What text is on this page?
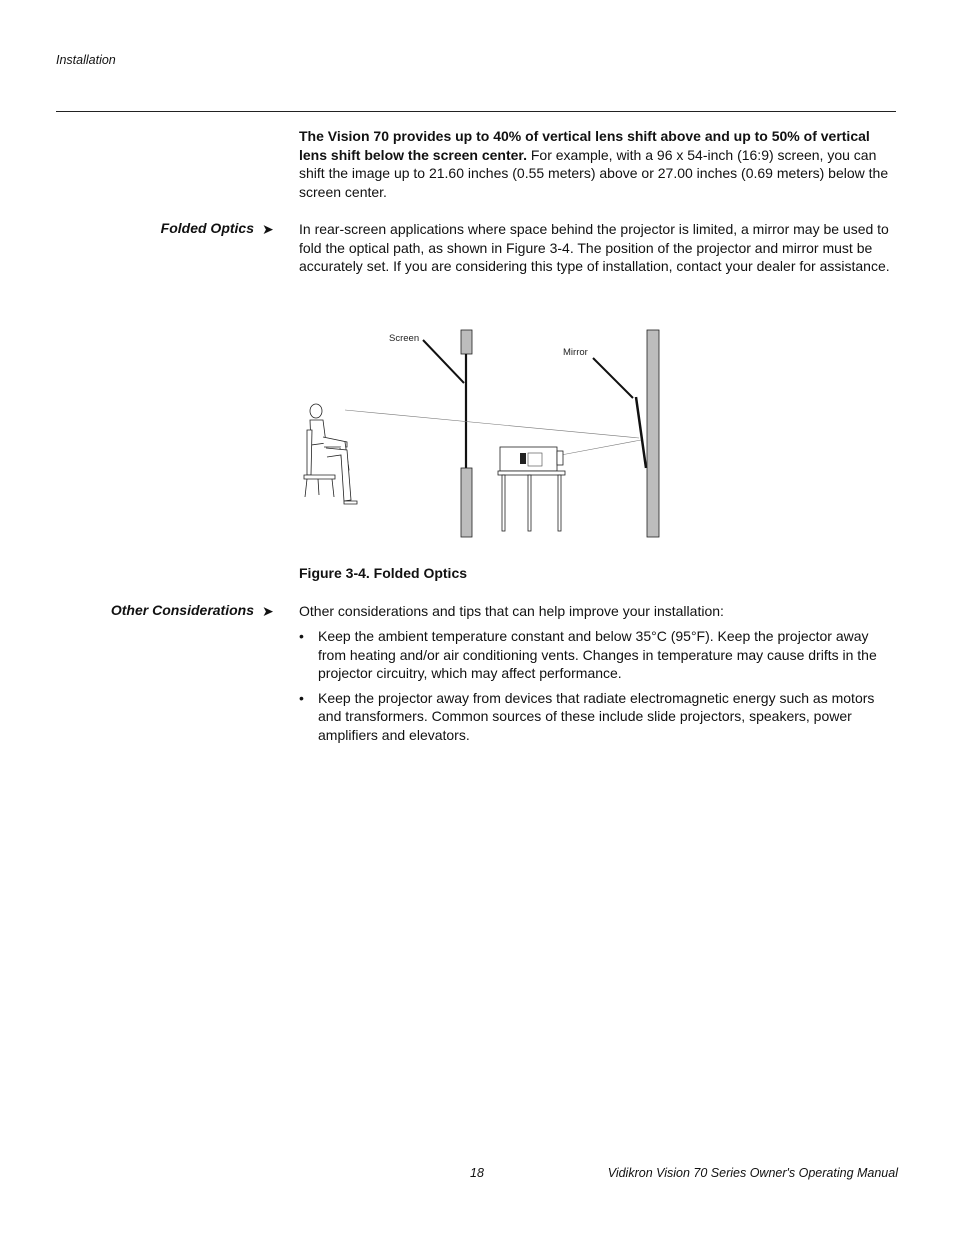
Installation

The Vision 70 provides up to 40% of vertical lens shift above and up to 50% of vertical lens shift below the screen center. For example, with a 96 x 54-inch (16:9) screen, you can shift the image up to 21.60 inches (0.55 meters) above or 27.00 inches (0.69 meters) below the screen center.

Folded Optics ➤ In rear-screen applications where space behind the projector is limited, a mirror may be used to fold the optical path, as shown in Figure 3-4. The position of the projector and mirror must be accurately set. If you are considering this type of installation, contact your dealer for assistance.

Screen
Mirror
Figure 3-4. Folded Optics
Other Considerations ➤ Other considerations and tips that can help improve your installation:

• Keep the ambient temperature constant and below 35°C (95°F). Keep the projector away from heating and/or air conditioning vents. Changes in temperature may cause drifts in the projector circuitry, which may affect performance.
• Keep the projector away from devices that radiate electromagnetic energy such as motors and transformers. Common sources of these include slide projectors, speakers, power amplifiers and elevators.
18	Vidikron Vision 70 Series Owner's Operating Manual
